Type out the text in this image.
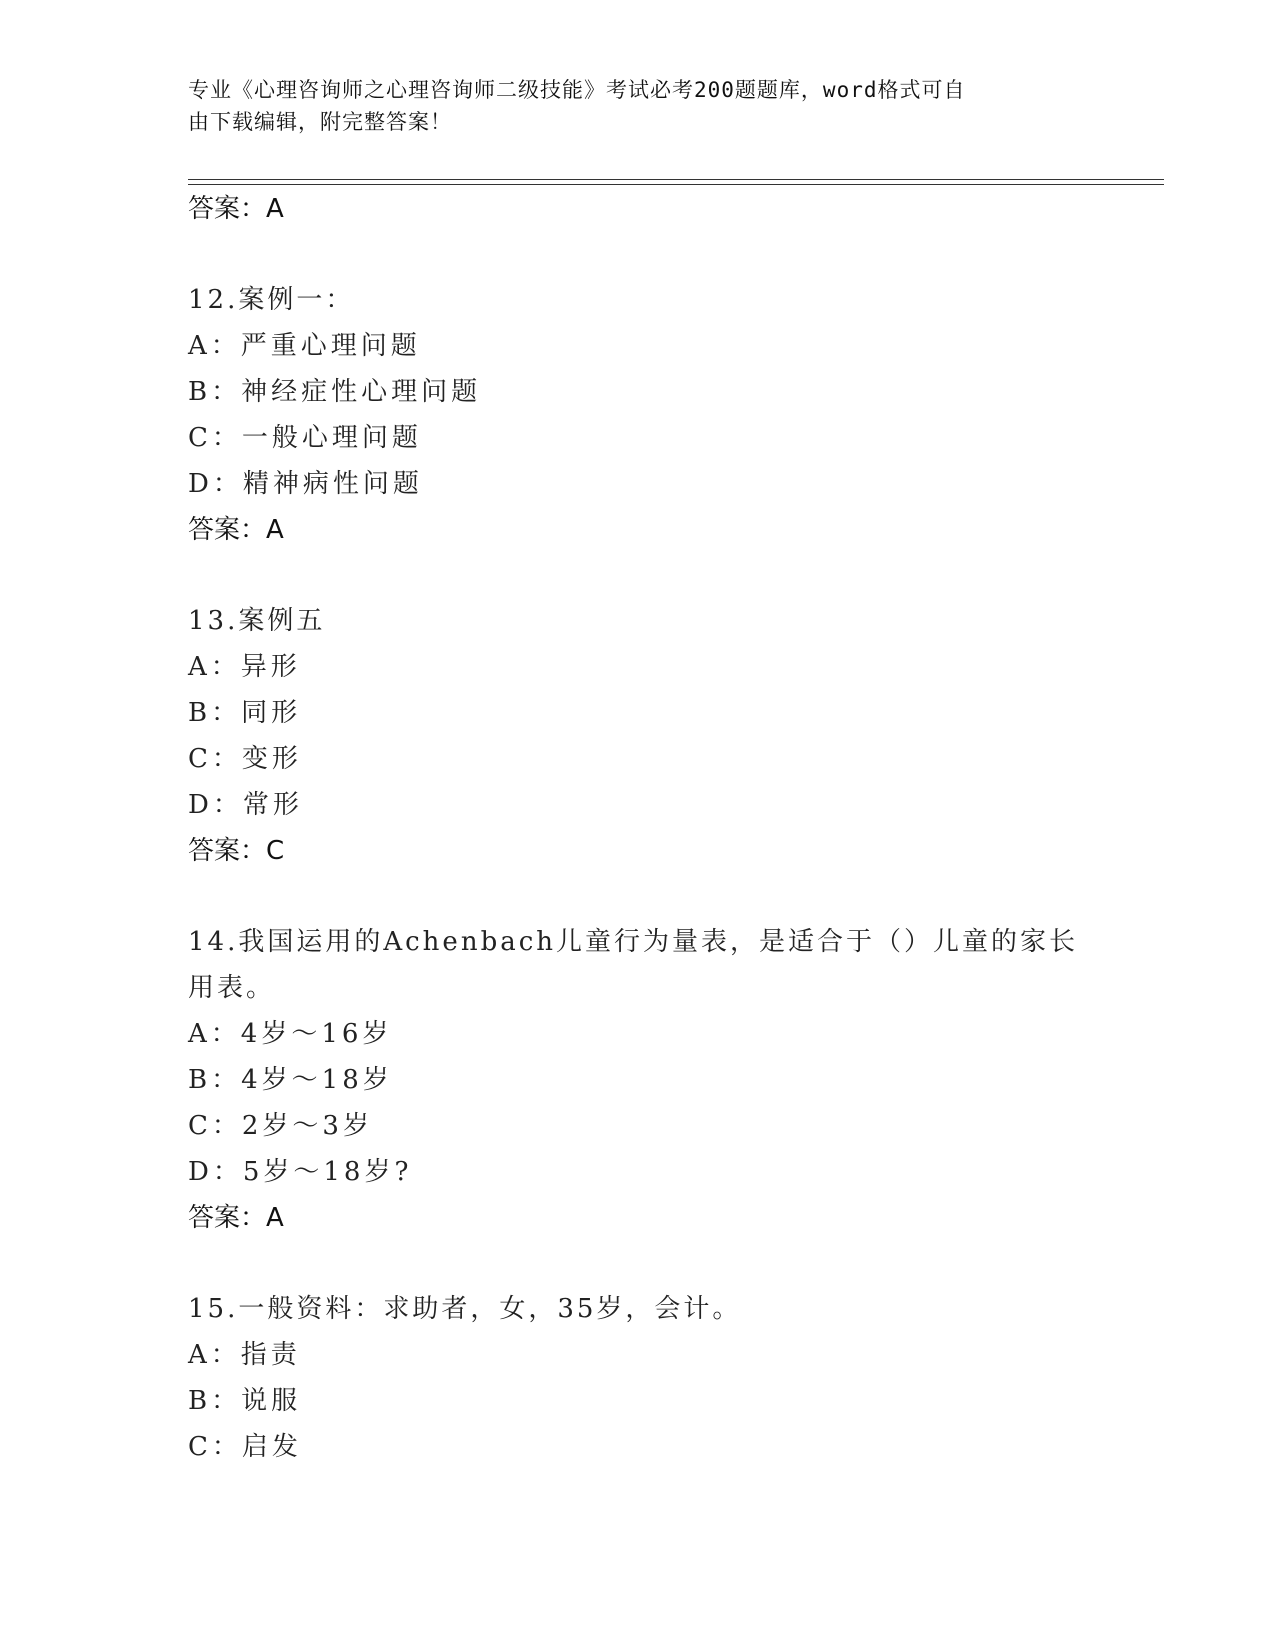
专业《心理咨询师之心理咨询师二级技能》考试必考200题题库，word格式可自
由下载编辑，附完整答案！
答案：A
12.案例一：
A：严重心理问题
B：神经症性心理问题
C：一般心理问题
D：精神病性问题
答案：A
13.案例五
A：异形
B：同形
C：变形
D：常形
答案：C
14.我国运用的Achenbach儿童行为量表，是适合于（）儿童的家长用表。
A：4岁～16岁
B：4岁～18岁
C：2岁～3岁
D：5岁～18岁?
答案：A
15.一般资料：求助者，女，35岁，会计。
A：指责
B：说服
C：启发
